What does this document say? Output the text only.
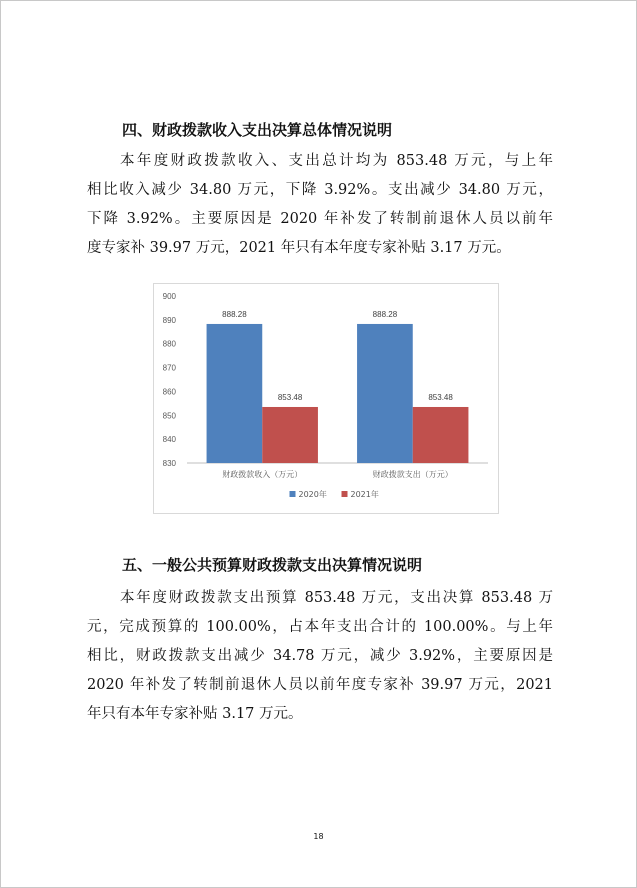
四、财政拨款收入支出决算总体情况说明
本年度财政拨款收入、支出总计均为 853.48 万元，与上年
相比收入减少 34.80 万元，下降 3.92%。支出减少 34.80 万元，
下降 3.92%。主要原因是 2020 年补发了转制前退休人员以前年
度专家补 39.97 万元，2021 年只有本年度专家补贴 3.17 万元。
830
840
850
860
870
880
890
900
888.28
853.48
财政拨款收入（万元）
888.28
853.48
财政拨款支出（万元）
2020年	2021年
五、一般公共预算财政拨款支出决算情况说明
本年度财政拨款支出预算 853.48 万元，支出决算 853.48 万
元，完成预算的 100.00%，占本年支出合计的 100.00%。与上年
相比，财政拨款支出减少 34.78 万元，减少 3.92%，主要原因是
2020 年补发了转制前退休人员以前年度专家补 39.97 万元，2021
年只有本年专家补贴 3.17 万元。
18
